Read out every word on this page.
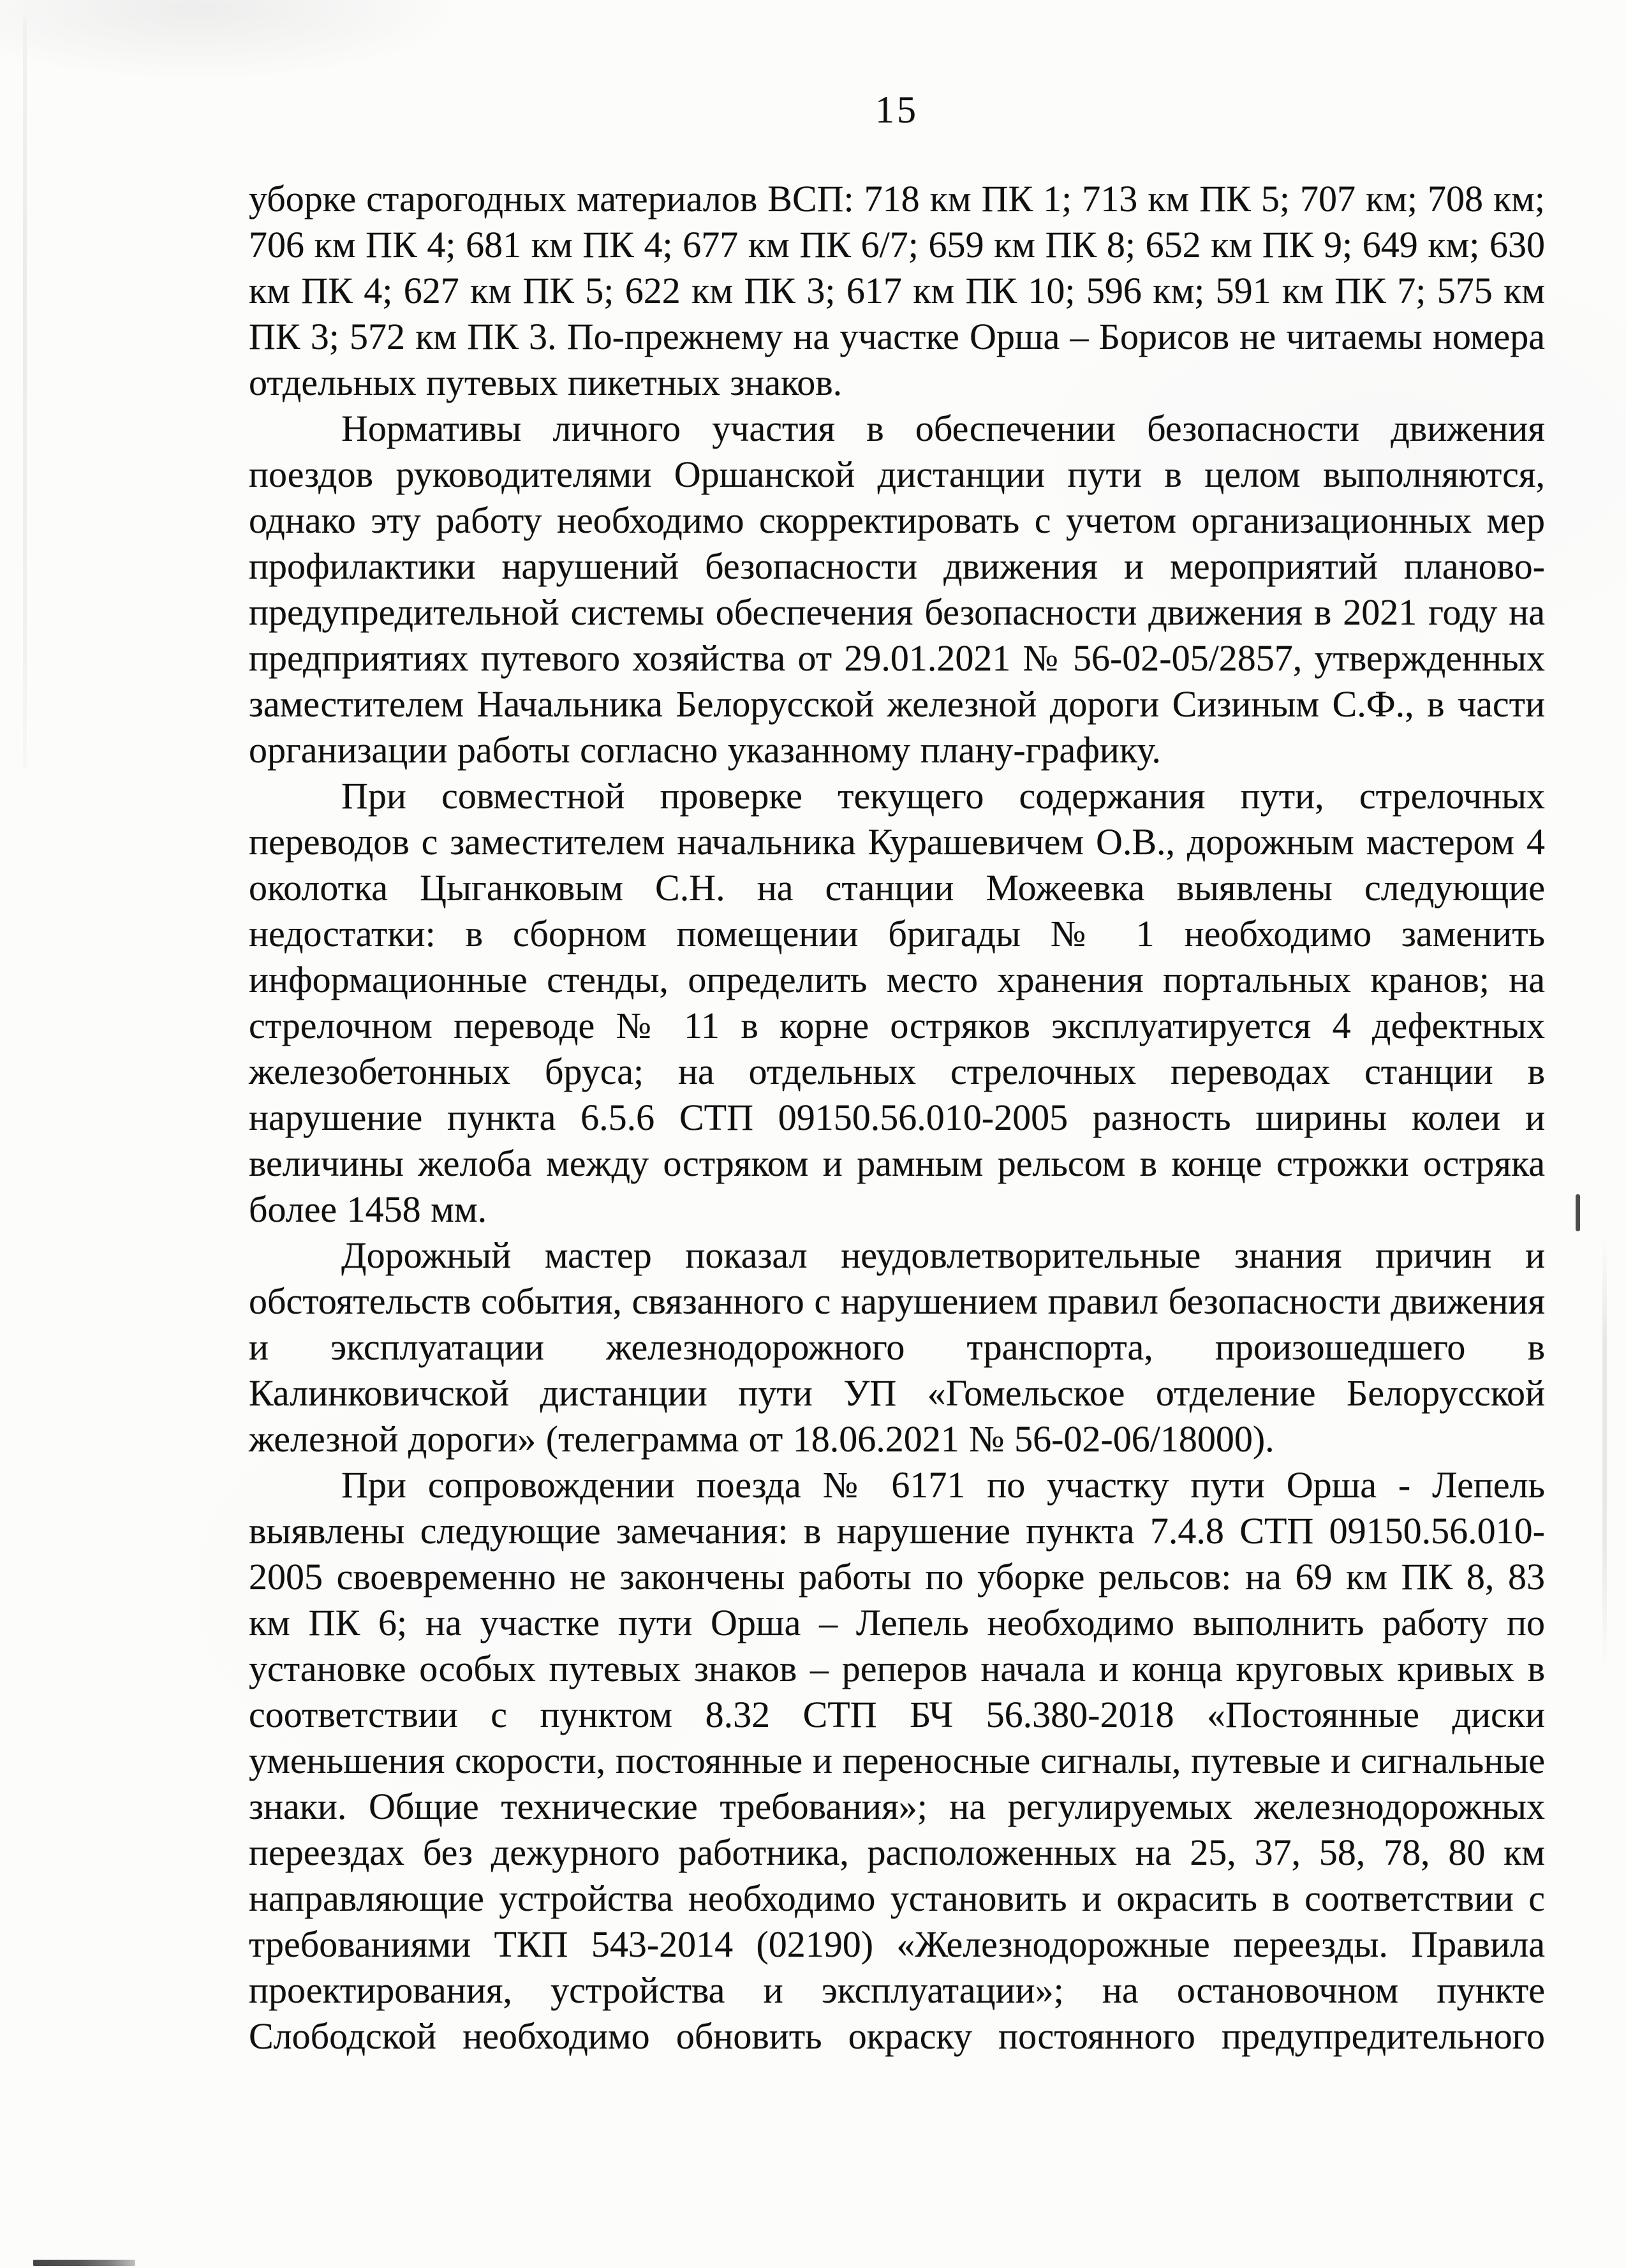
15

уборке старогодных материалов ВСП: 718 км ПК 1; 713 км ПК 5; 707 км; 708 км; 706 км ПК 4; 681 км ПК 4; 677 км ПК 6/7; 659 км ПК 8; 652 км ПК 9; 649 км; 630 км ПК 4; 627 км ПК 5; 622 км ПК 3; 617 км ПК 10; 596 км; 591 км ПК 7; 575 км ПК 3; 572 км ПК 3. По-прежнему на участке Орша – Борисов не читаемы номера отдельных путевых пикетных знаков.

Нормативы личного участия в обеспечении безопасности движения поездов руководителями Оршанской дистанции пути в целом выполняются, однако эту работу необходимо скорректировать с учетом организационных мер профилактики нарушений безопасности движения и мероприятий планово-предупредительной системы обеспечения безопасности движения в 2021 году на предприятиях путевого хозяйства от 29.01.2021 № 56-02-05/2857, утвержденных заместителем Начальника Белорусской железной дороги Сизиным С.Ф., в части организации работы согласно указанному плану-графику.

При совместной проверке текущего содержания пути, стрелочных переводов с заместителем начальника Курашевичем О.В., дорожным мастером 4 околотка Цыганковым С.Н. на станции Можеевка выявлены следующие недостатки: в сборном помещении бригады № 1 необходимо заменить информационные стенды, определить место хранения портальных кранов; на стрелочном переводе № 11 в корне остряков эксплуатируется 4 дефектных железобетонных бруса; на отдельных стрелочных переводах станции в нарушение пункта 6.5.6 СТП 09150.56.010-2005 разность ширины колеи и величины желоба между остряком и рамным рельсом в конце строжки остряка более 1458 мм.

Дорожный мастер показал неудовлетворительные знания причин и обстоятельств события, связанного с нарушением правил безопасности движения и эксплуатации железнодорожного транспорта, произошедшего в Калинковичской дистанции пути УП «Гомельское отделение Белорусской железной дороги» (телеграмма от 18.06.2021 № 56-02-06/18000).

При сопровождении поезда № 6171 по участку пути Орша - Лепель выявлены следующие замечания: в нарушение пункта 7.4.8 СТП 09150.56.010-2005 своевременно не закончены работы по уборке рельсов: на 69 км ПК 8, 83 км ПК 6; на участке пути Орша – Лепель необходимо выполнить работу по установке особых путевых знаков – реперов начала и конца круговых кривых в соответствии с пунктом 8.32 СТП БЧ 56.380-2018 «Постоянные диски уменьшения скорости, постоянные и переносные сигналы, путевые и сигнальные знаки. Общие технические требования»; на регулируемых железнодорожных переездах без дежурного работника, расположенных на 25, 37, 58, 78, 80 км направляющие устройства необходимо установить и окрасить в соответствии с требованиями ТКП 543-2014 (02190) «Железнодорожные переезды. Правила проектирования, устройства и эксплуатации»; на остановочном пункте Слободской необходимо обновить окраску постоянного предупредительного
